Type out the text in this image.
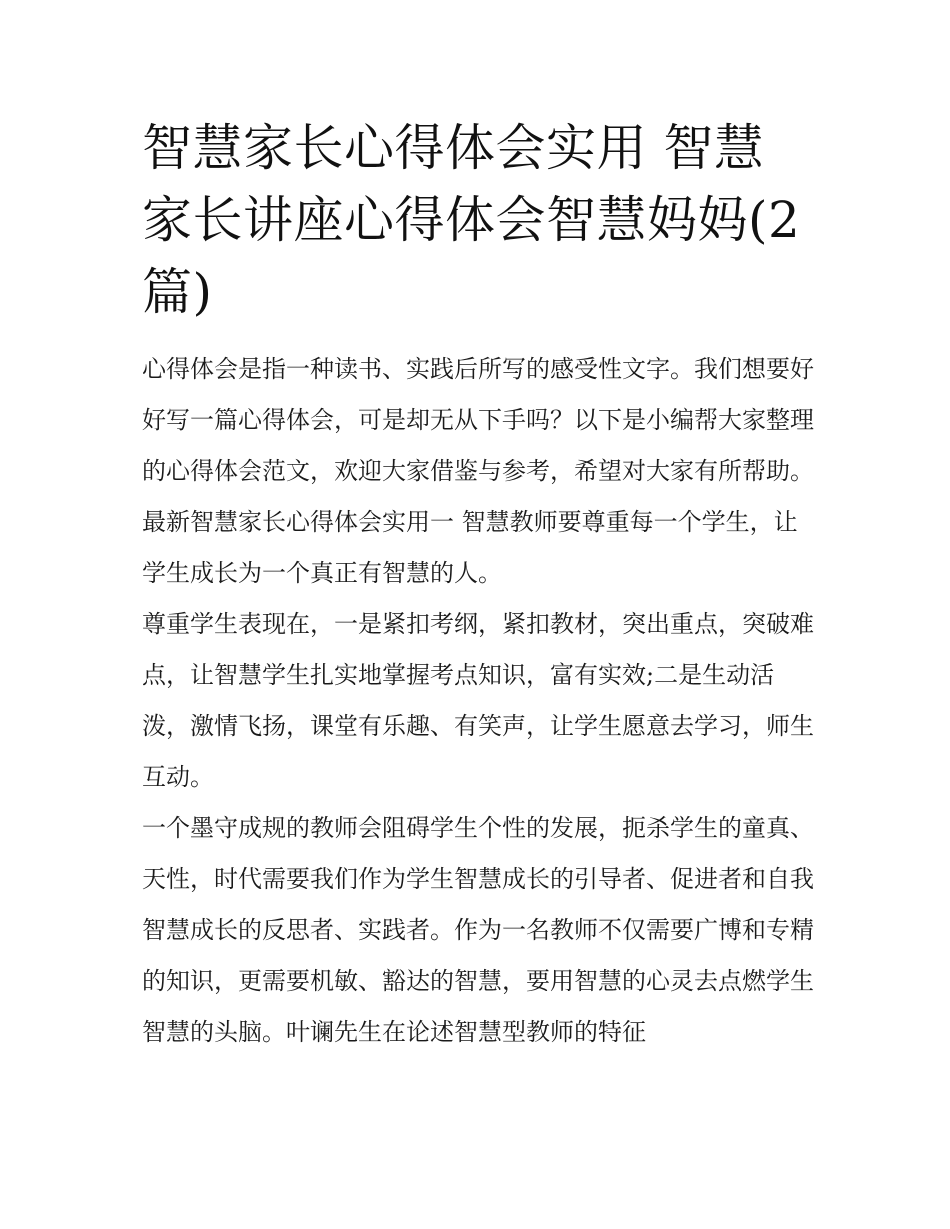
智慧家长心得体会实用 智慧家长讲座心得体会智慧妈妈(2篇)

心得体会是指一种读书、实践后所写的感受性文字。我们想要好好写一篇心得体会，可是却无从下手吗？以下是小编帮大家整理的心得体会范文，欢迎大家借鉴与参考，希望对大家有所帮助。

最新智慧家长心得体会实用一 智慧教师要尊重每一个学生，让学生成长为一个真正有智慧的人。

尊重学生表现在，一是紧扣考纲，紧扣教材，突出重点，突破难点，让智慧学生扎实地掌握考点知识，富有实效;二是生动活泼，激情飞扬，课堂有乐趣、有笑声，让学生愿意去学习，师生互动。

一个墨守成规的教师会阻碍学生个性的发展，扼杀学生的童真、天性，时代需要我们作为学生智慧成长的引导者、促进者和自我智慧成长的反思者、实践者。作为一名教师不仅需要广博和专精的知识，更需要机敏、豁达的智慧，要用智慧的心灵去点燃学生智慧的头脑。叶谰先生在论述智慧型教师的特征
